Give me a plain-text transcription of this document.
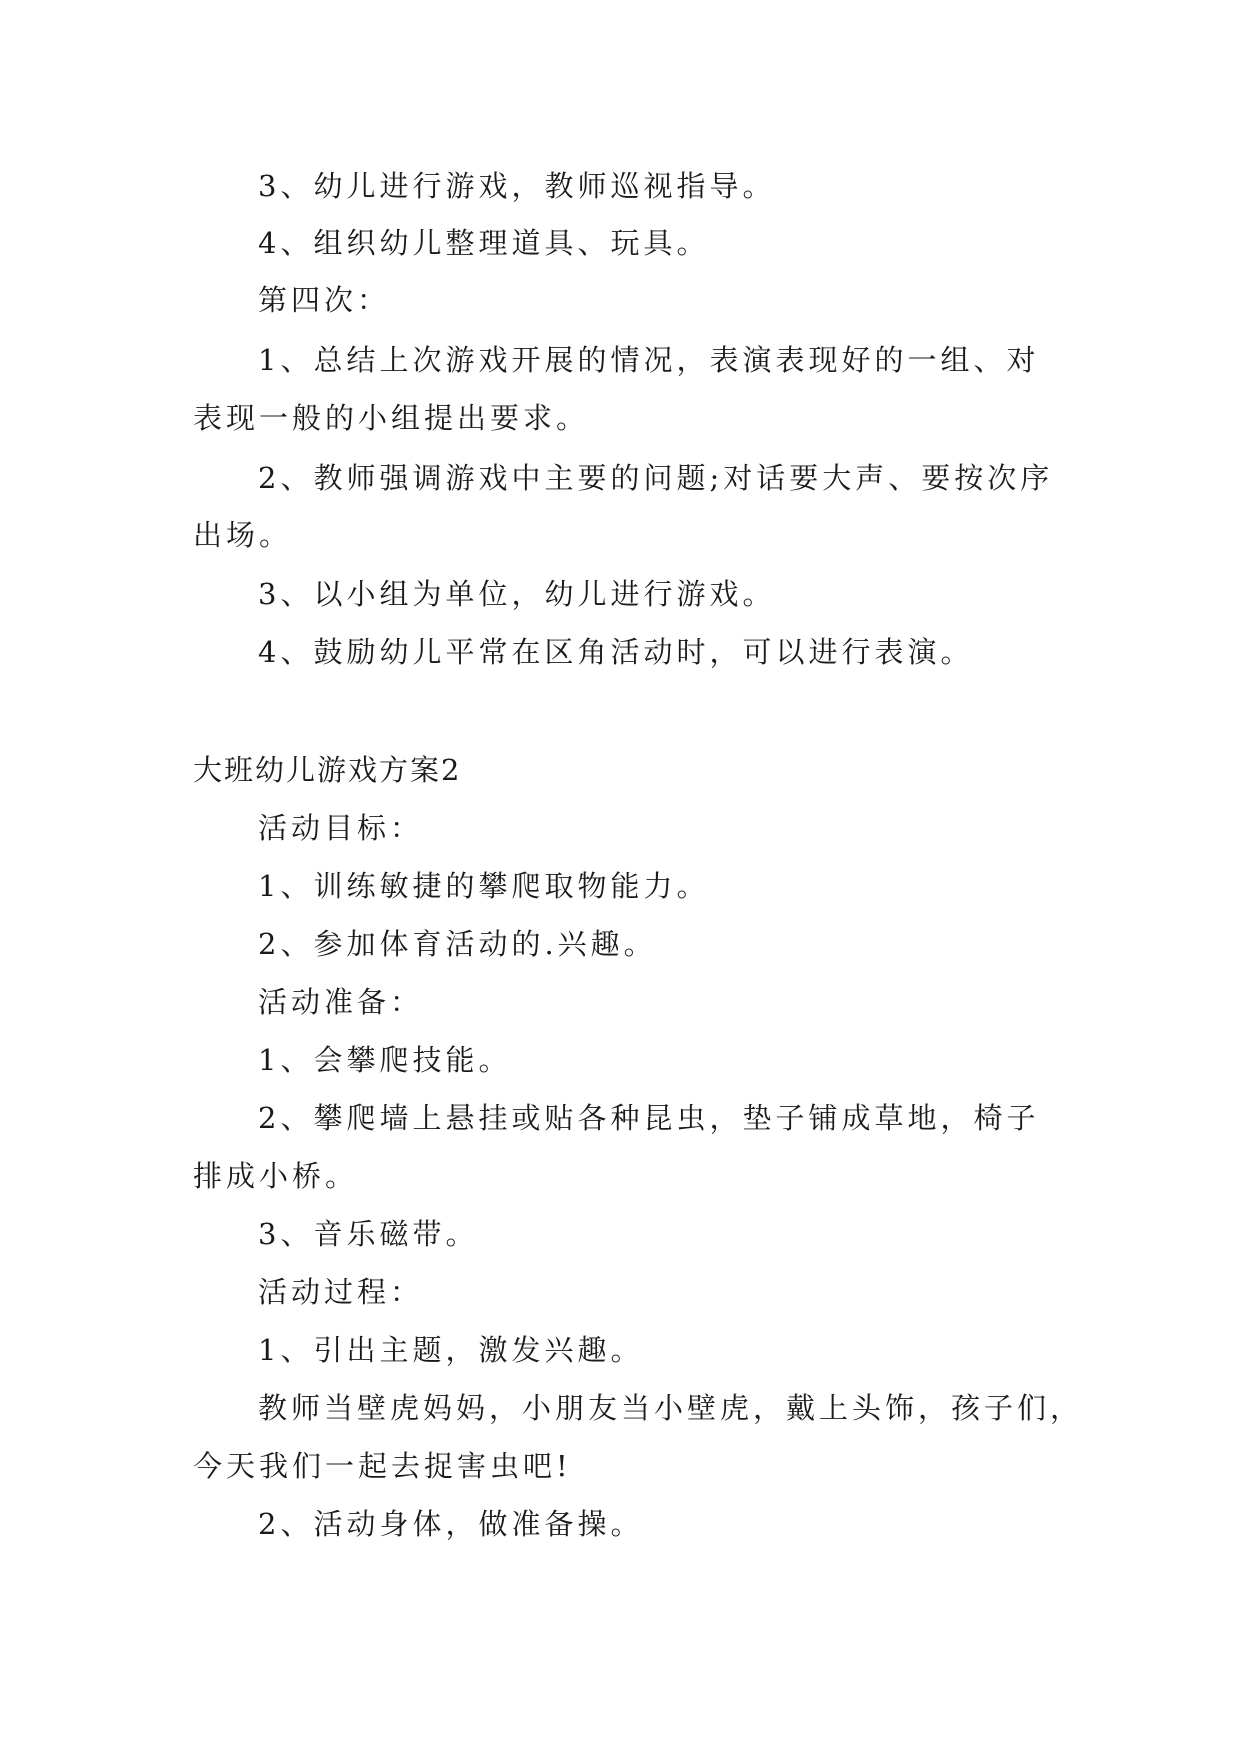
3、幼儿进行游戏，教师巡视指导。
4、组织幼儿整理道具、玩具。
第四次：
1、总结上次游戏开展的情况，表演表现好的一组、对
表现一般的小组提出要求。
2、教师强调游戏中主要的问题;对话要大声、要按次序
出场。
3、以小组为单位，幼儿进行游戏。
4、鼓励幼儿平常在区角活动时，可以进行表演。
大班幼儿游戏方案2
活动目标：
1、训练敏捷的攀爬取物能力。
2、参加体育活动的.兴趣。
活动准备：
1、会攀爬技能。
2、攀爬墙上悬挂或贴各种昆虫，垫子铺成草地，椅子
排成小桥。
3、音乐磁带。
活动过程：
1、引出主题，激发兴趣。
教师当壁虎妈妈，小朋友当小壁虎，戴上头饰，孩子们，
今天我们一起去捉害虫吧!
2、活动身体，做准备操。
